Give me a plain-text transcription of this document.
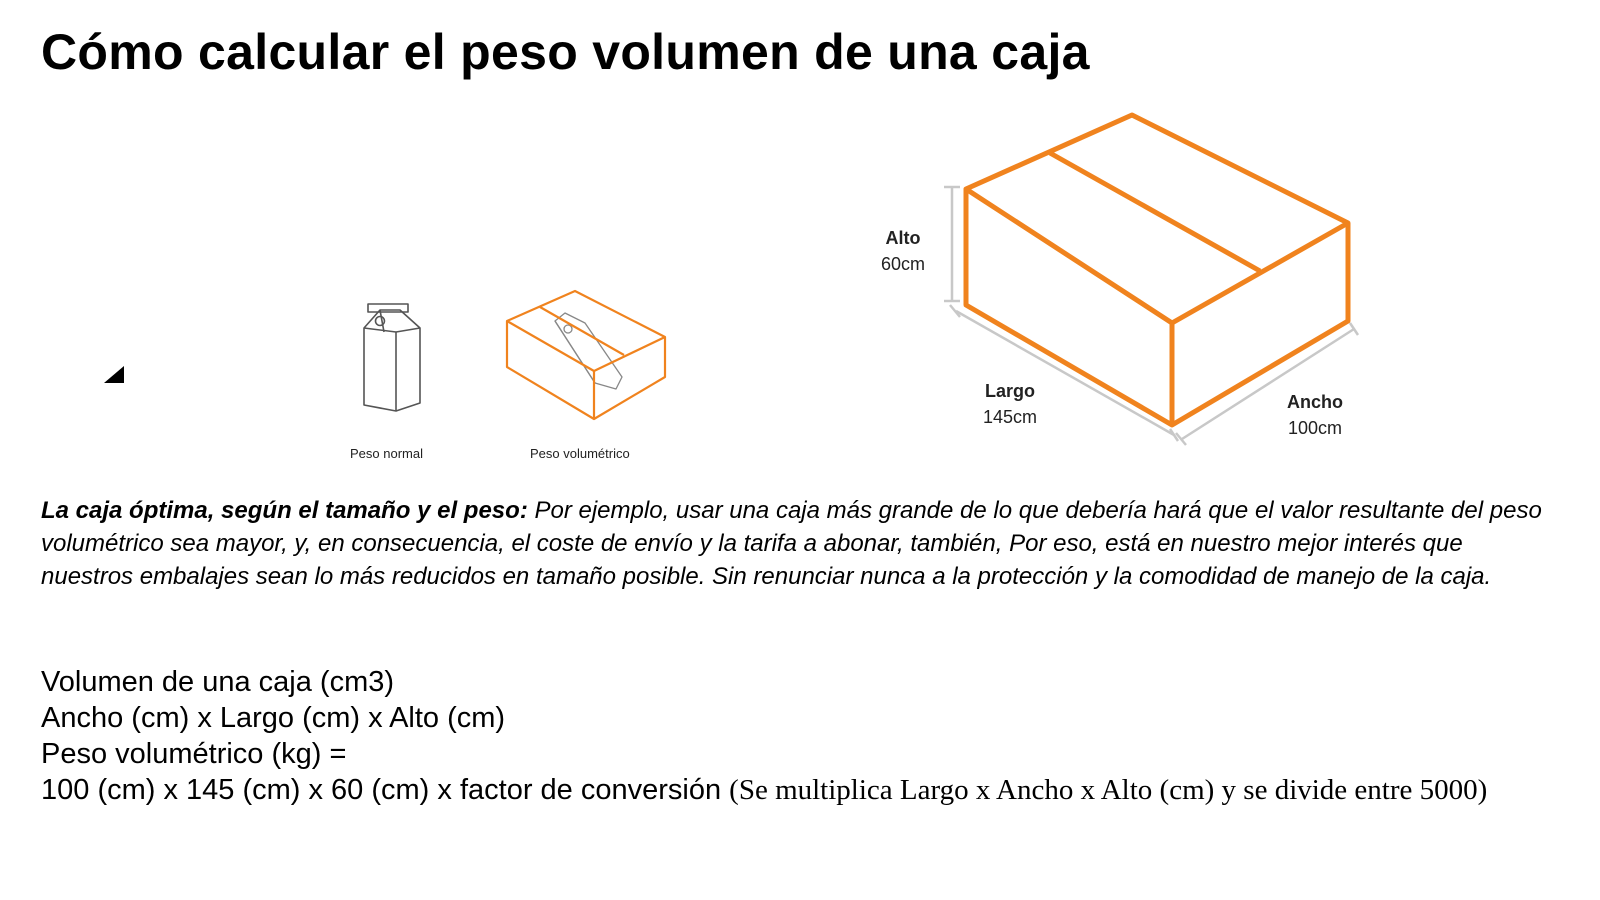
Cómo calcular el peso volumen de una caja
Peso normal	Peso volumétrico
Alto
60cm
Largo
145cm
Ancho
100cm

La caja óptima, según el tamaño y el peso: Por ejemplo, usar una caja más grande de lo que debería hará que el valor resultante del peso volumétrico sea mayor, y, en consecuencia, el coste de envío y la tarifa a abonar, también, Por eso, está en nuestro mejor interés que nuestros embalajes sean lo más reducidos en tamaño posible. Sin renunciar nunca a la protección y la comodidad de manejo de la caja.

Volumen de una caja (cm3)
Ancho (cm) x Largo (cm) x Alto (cm)
Peso volumétrico (kg) =
100 (cm) x 145 (cm) x 60 (cm) x factor de conversión (Se multiplica Largo x Ancho x Alto (cm) y se divide entre 5000)
